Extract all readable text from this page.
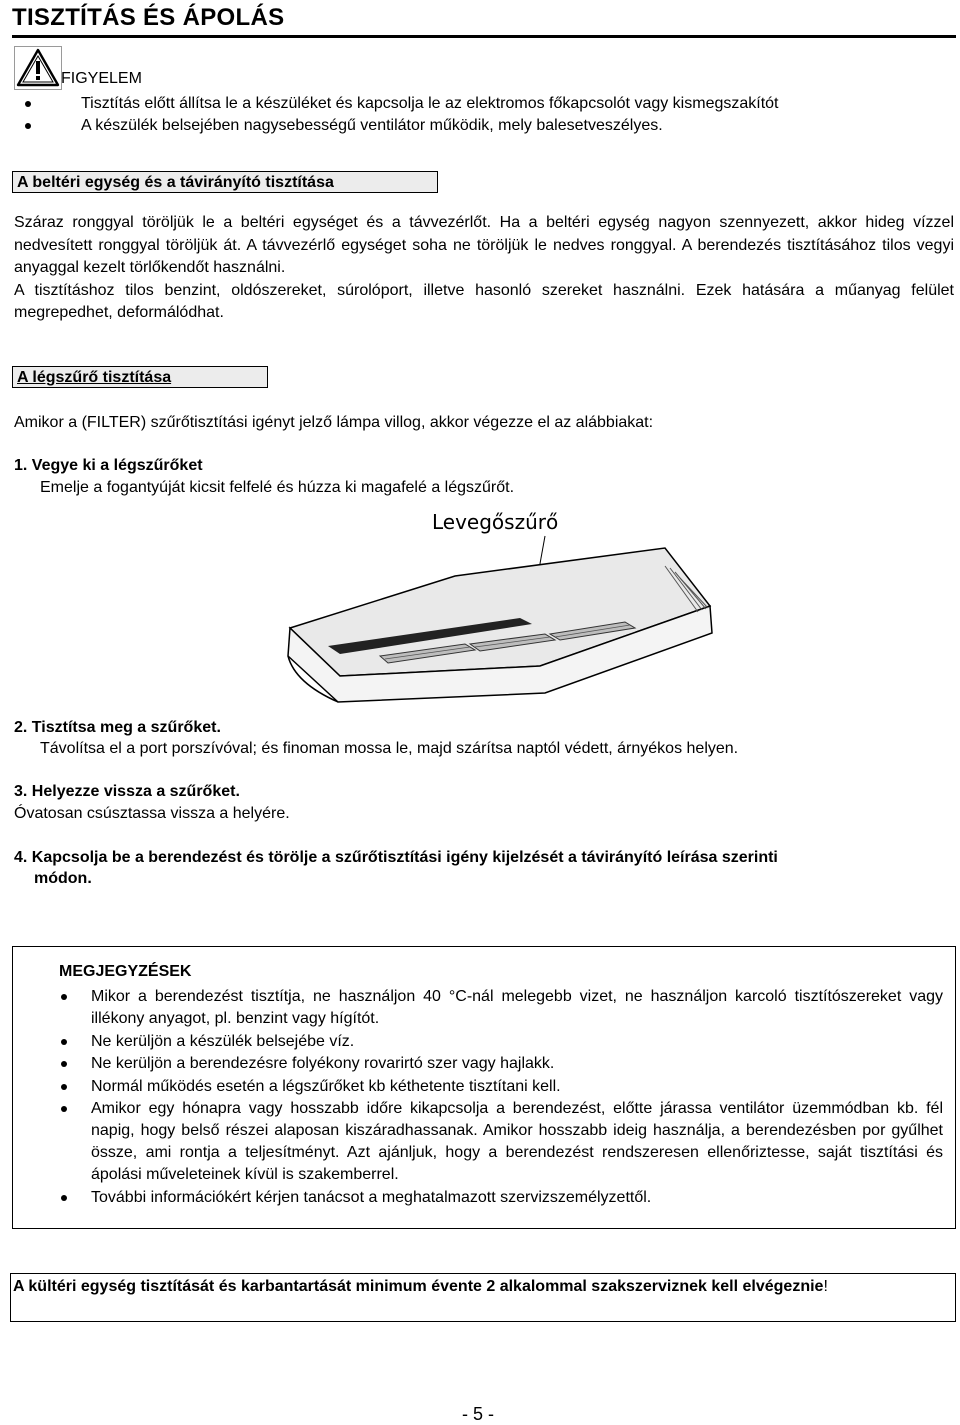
TISZTÍTÁS ÉS ÁPOLÁS
FIGYELEM
Tisztítás előtt állítsa le a készüléket és kapcsolja le az elektromos főkapcsolót vagy kismegszakítót
A készülék belsejében nagysebességű ventilátor működik, mely balesetveszélyes.
A beltéri egység és a távirányító tisztítása
Száraz ronggyal töröljük le a beltéri egységet és a távvezérlőt. Ha a beltéri egység nagyon szennyezett, akkor hideg vízzel nedvesített ronggyal töröljük át. A távvezérlő egységet soha ne töröljük le nedves ronggyal. A berendezés tisztításához tilos vegyi anyaggal kezelt törlőkendőt használni.

A tisztításhoz tilos benzint, oldószereket, súrolóport, illetve hasonló szereket használni. Ezek hatására a műanyag felület megrepedhet, deformálódhat.

A légszűrő tisztítása
Amikor a (FILTER) szűrőtisztítási igényt jelző lámpa villog, akkor végezze el az alábbiakat:
1. Vegye ki a légszűrőket
Emelje a fogantyúját kicsit felfelé és húzza ki magafelé a légszűrőt.
Levegőszűrő
2. Tisztítsa meg a szűrőket.
Távolítsa el a port porszívóval; és finoman mossa le, majd szárítsa naptól védett, árnyékos helyen.
3. Helyezze vissza a szűrőket.
Óvatosan csúsztassa vissza a helyére.
4. Kapcsolja be a berendezést és törölje a szűrőtisztítási igény kijelzését a távirányító leírása szerinti
módon.
MEGJEGYZÉSEK
Mikor a berendezést tisztítja, ne használjon 40 °C-nál melegebb vizet, ne használjon karcoló tisztítószereket vagy illékony anyagot, pl. benzint vagy hígítót.
Ne kerüljön a készülék belsejébe víz.
Ne kerüljön a berendezésre folyékony rovarirtó szer vagy hajlakk.
Normál működés esetén a légszűrőket kb kéthetente tisztítani kell.
Amikor egy hónapra vagy hosszabb időre kikapcsolja a berendezést, előtte járassa ventilátor üzemmódban kb. fél napig, hogy belső részei alaposan kiszáradhassanak. Amikor hosszabb ideig használja, a berendezésben por gyűlhet össze, ami rontja a teljesítményt. Azt ajánljuk, hogy a berendezést rendszeresen ellenőriztesse, saját tisztítási és ápolási műveleteinek kívül is szakemberrel.
További információkért kérjen tanácsot a meghatalmazott szervizszemélyzettől.
A kültéri egység tisztítását és karbantartását minimum évente 2 alkalommal szakszerviznek kell elvégeznie!
- 5 -
